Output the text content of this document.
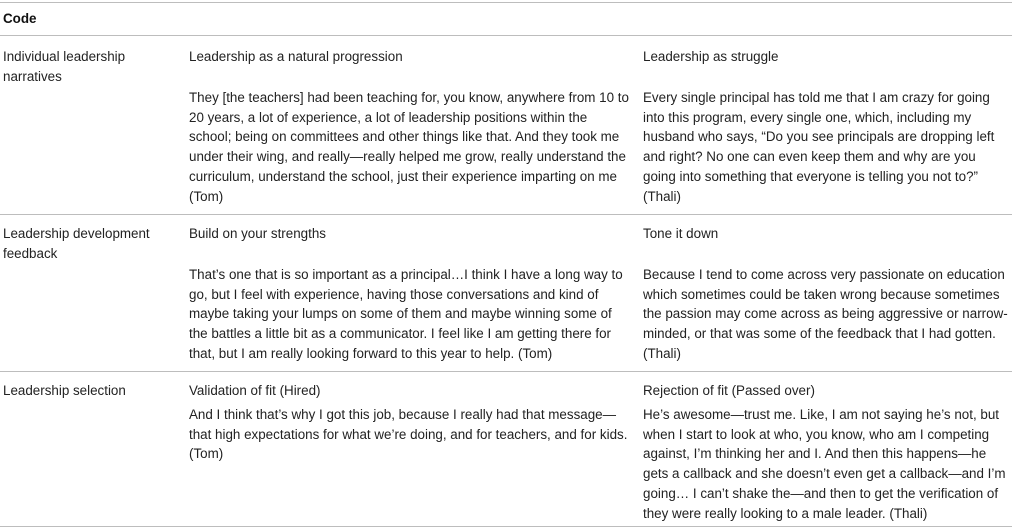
Code
Individual leadership narratives
Leadership as a natural progression
They [the teachers] had been teaching for, you know, anywhere from 10 to 20 years, a lot of experience, a lot of leadership positions within the school; being on committees and other things like that. And they took me under their wing, and really—really helped me grow, really understand the curriculum, understand the school, just their experience imparting on me (Tom)
Leadership as struggle
Every single principal has told me that I am crazy for going into this program, every single one, which, including my husband who says, “Do you see principals are dropping left and right? No one can even keep them and why are you going into something that everyone is telling you not to?” (Thali)
Leadership development feedback
Build on your strengths
That’s one that is so important as a principal…I think I have a long way to go, but I feel with experience, having those conversations and kind of maybe taking your lumps on some of them and maybe winning some of the battles a little bit as a communicator. I feel like I am getting there for that, but I am really looking forward to this year to help. (Tom)
Tone it down
Because I tend to come across very passionate on education which sometimes could be taken wrong because sometimes the passion may come across as being aggressive or narrow-minded, or that was some of the feedback that I had gotten. (Thali)
Leadership selection	Validation of fit (Hired)
And I think that’s why I got this job, because I really had that message—that high expectations for what we’re doing, and for teachers, and for kids. (Tom)
Rejection of fit (Passed over)
He’s awesome—trust me. Like, I am not saying he’s not, but when I start to look at who, you know, who am I competing against, I’m thinking her and I. And then this happens—he gets a callback and she doesn’t even get a callback—and I’m going… I can’t shake the—and then to get the verification of they were really looking to a male leader. (Thali)
